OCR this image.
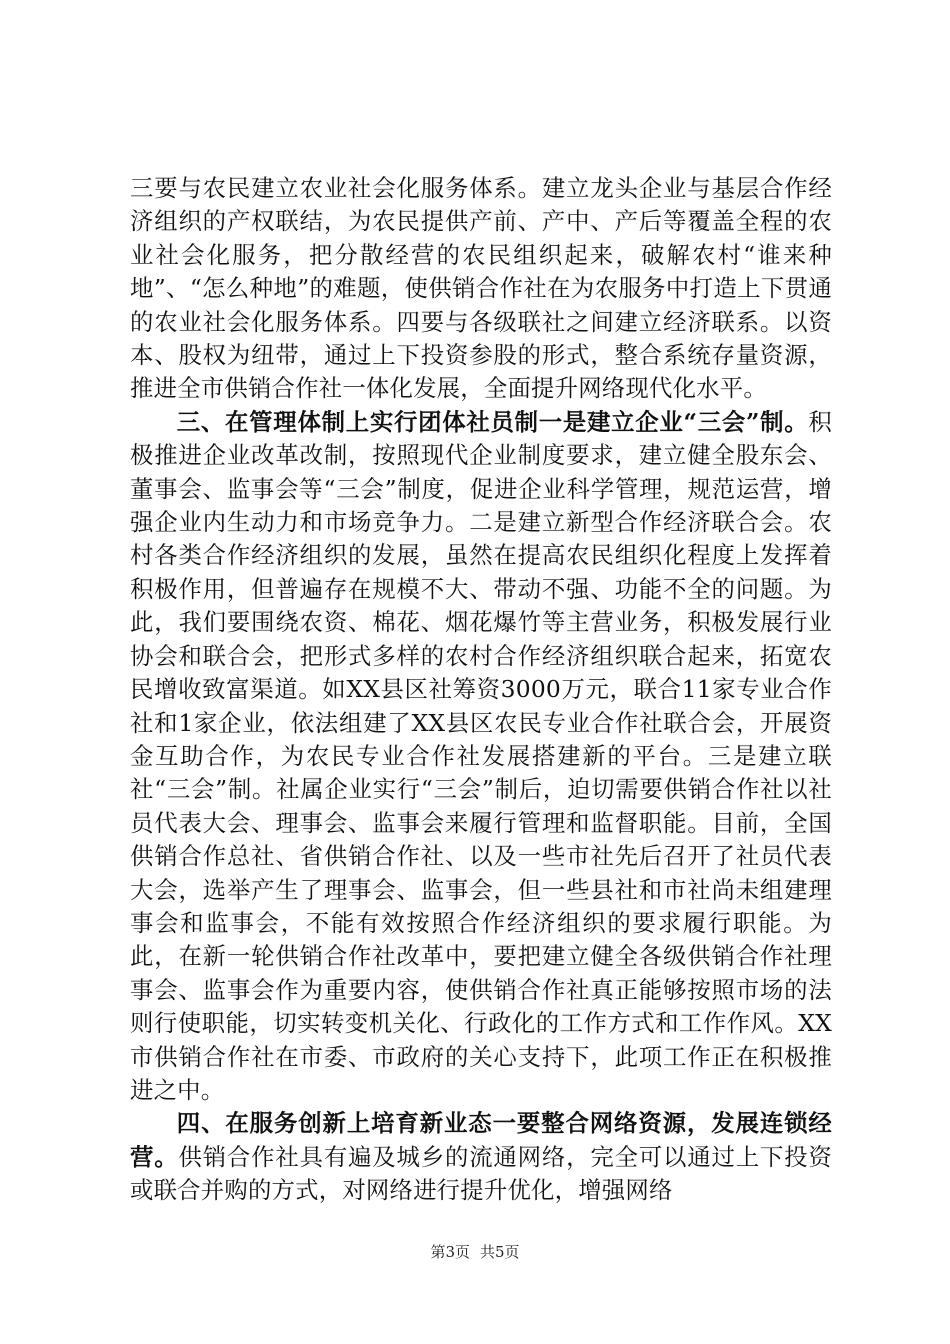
三要与农民建立农业社会化服务体系。建立龙头企业与基层合作经济组织的产权联结，为农民提供产前、产中、产后等覆盖全程的农业社会化服务，把分散经营的农民组织起来，破解农村“谁来种地”、“怎么种地”的难题，使供销合作社在为农服务中打造上下贯通的农业社会化服务体系。四要与各级联社之间建立经济联系。以资本、股权为纽带，通过上下投资参股的形式，整合系统存量资源，推进全市供销合作社一体化发展，全面提升网络现代化水平。

三、在管理体制上实行团体社员制一是建立企业“三会”制。积极推进企业改革改制，按照现代企业制度要求，建立健全股东会、董事会、监事会等“三会”制度，促进企业科学管理，规范运营，增强企业内生动力和市场竞争力。二是建立新型合作经济联合会。农村各类合作经济组织的发展，虽然在提高农民组织化程度上发挥着积极作用，但普遍存在规模不大、带动不强、功能不全的问题。为此，我们要围绕农资、棉花、烟花爆竹等主营业务，积极发展行业协会和联合会，把形式多样的农村合作经济组织联合起来，拓宽农民增收致富渠道。如XX县区社筹资3000万元，联合11家专业合作社和1家企业，依法组建了XX县区农民专业合作社联合会，开展资金互助合作，为农民专业合作社发展搭建新的平台。三是建立联社“三会”制。社属企业实行“三会”制后，迫切需要供销合作社以社员代表大会、理事会、监事会来履行管理和监督职能。目前，全国供销合作总社、省供销合作社、以及一些市社先后召开了社员代表大会，选举产生了理事会、监事会，但一些县社和市社尚未组建理事会和监事会，不能有效按照合作经济组织的要求履行职能。为此，在新一轮供销合作社改革中，要把建立健全各级供销合作社理事会、监事会作为重要内容，使供销合作社真正能够按照市场的法则行使职能，切实转变机关化、行政化的工作方式和工作作风。XX市供销合作社在市委、市政府的关心支持下，此项工作正在积极推进之中。

四、在服务创新上培育新业态一要整合网络资源，发展连锁经营。供销合作社具有遍及城乡的流通网络，完全可以通过上下投资或联合并购的方式，对网络进行提升优化，增强网络

第3页 共5页
